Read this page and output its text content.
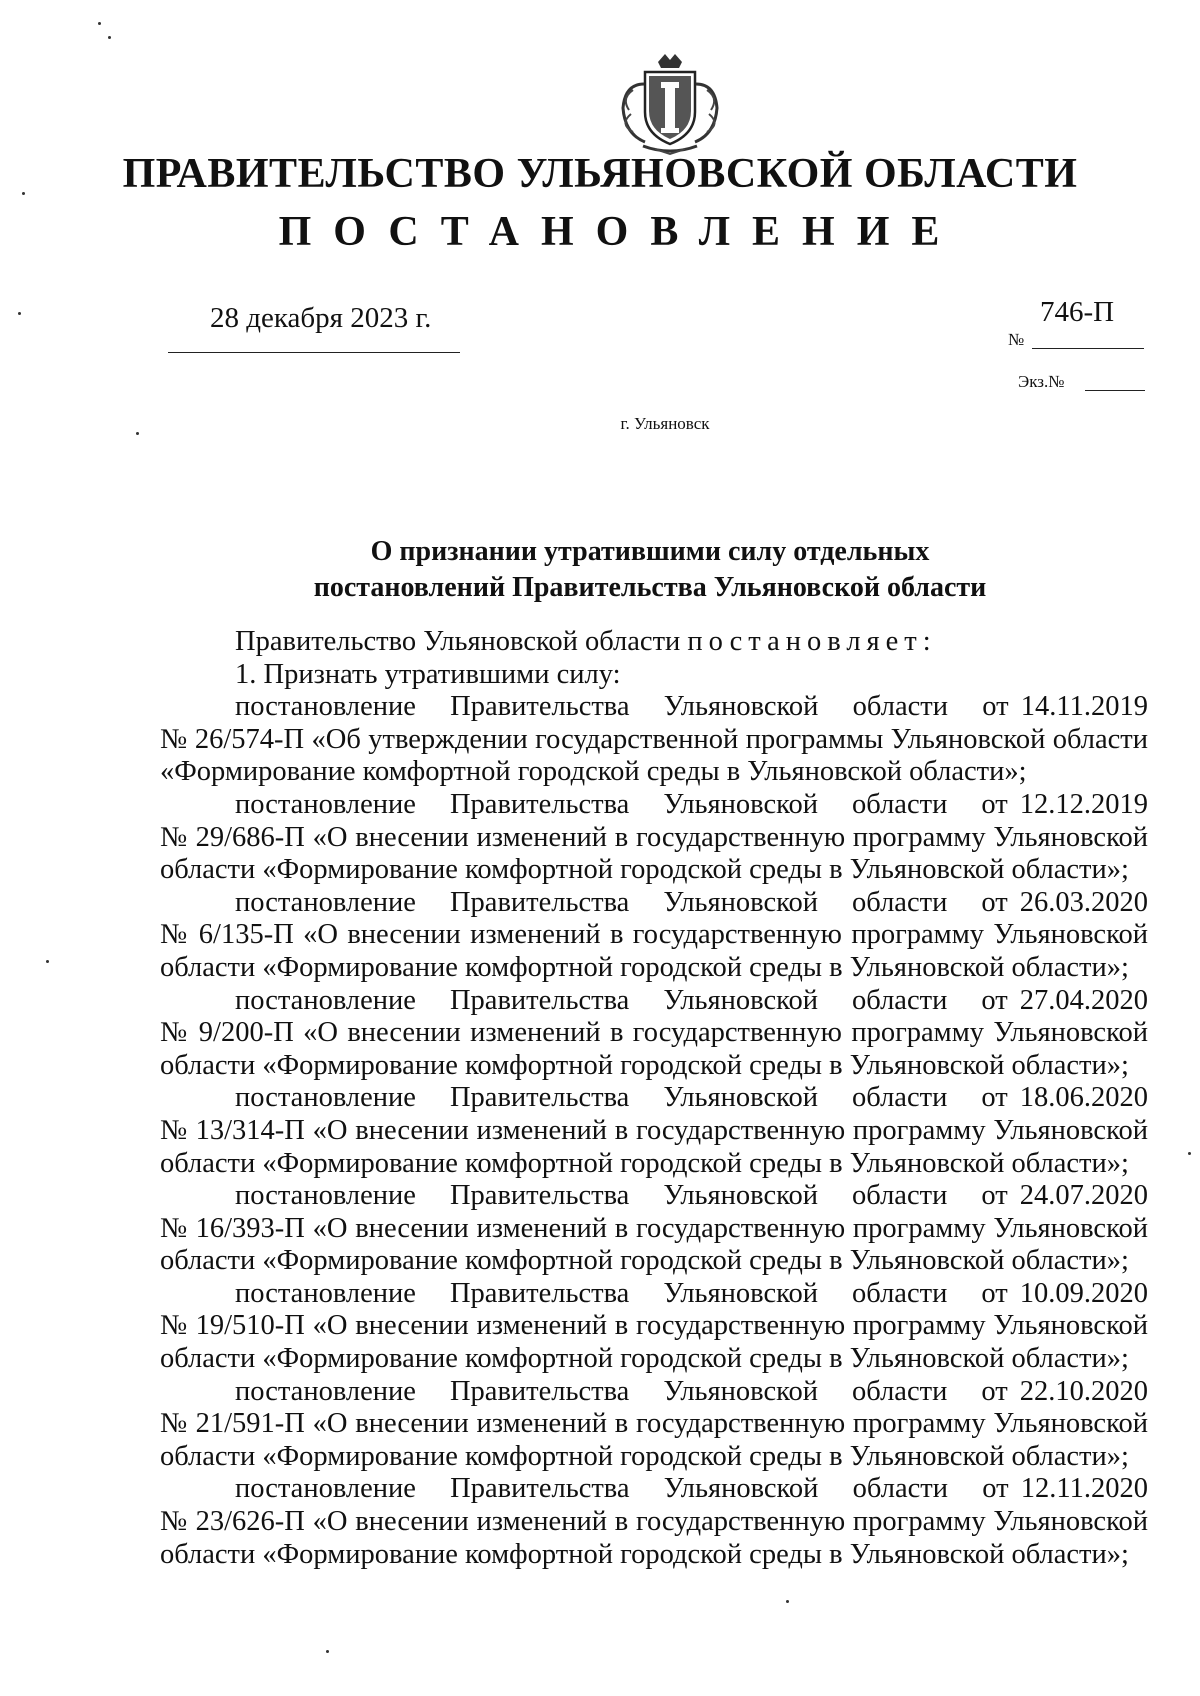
ПРАВИТЕЛЬСТВО УЛЬЯНОВСКОЙ ОБЛАСТИ
ПОСТАНОВЛЕНИЕ
28 декабря 2023 г.	746-П
№
Экз.№
г. Ульяновск
О признании утратившими силу отдельных
постановлений Правительства Ульяновской области

Правительство Ульяновской области постановляет:

1. Признать утратившими силу:

постановление Правительства Ульяновской области от 14.11.2019

№ 26/574-П «Об утверждении государственной программы Ульяновской области

«Формирование комфортной городской среды в Ульяновской области»;

постановление Правительства Ульяновской области от 12.12.2019

№ 29/686-П «О внесении изменений в государственную программу Ульяновской

области «Формирование комфортной городской среды в Ульяновской области»;

постановление Правительства Ульяновской области от 26.03.2020

№ 6/135-П «О внесении изменений в государственную программу Ульяновской

области «Формирование комфортной городской среды в Ульяновской области»;

постановление Правительства Ульяновской области от 27.04.2020

№ 9/200-П «О внесении изменений в государственную программу Ульяновской

области «Формирование комфортной городской среды в Ульяновской области»;

постановление Правительства Ульяновской области от 18.06.2020

№ 13/314-П «О внесении изменений в государственную программу Ульяновской

области «Формирование комфортной городской среды в Ульяновской области»;

постановление Правительства Ульяновской области от 24.07.2020

№ 16/393-П «О внесении изменений в государственную программу Ульяновской

области «Формирование комфортной городской среды в Ульяновской области»;

постановление Правительства Ульяновской области от 10.09.2020

№ 19/510-П «О внесении изменений в государственную программу Ульяновской

области «Формирование комфортной городской среды в Ульяновской области»;

постановление Правительства Ульяновской области от 22.10.2020

№ 21/591-П «О внесении изменений в государственную программу Ульяновской

области «Формирование комфортной городской среды в Ульяновской области»;

постановление Правительства Ульяновской области от 12.11.2020

№ 23/626-П «О внесении изменений в государственную программу Ульяновской

области «Формирование комфортной городской среды в Ульяновской области»;
